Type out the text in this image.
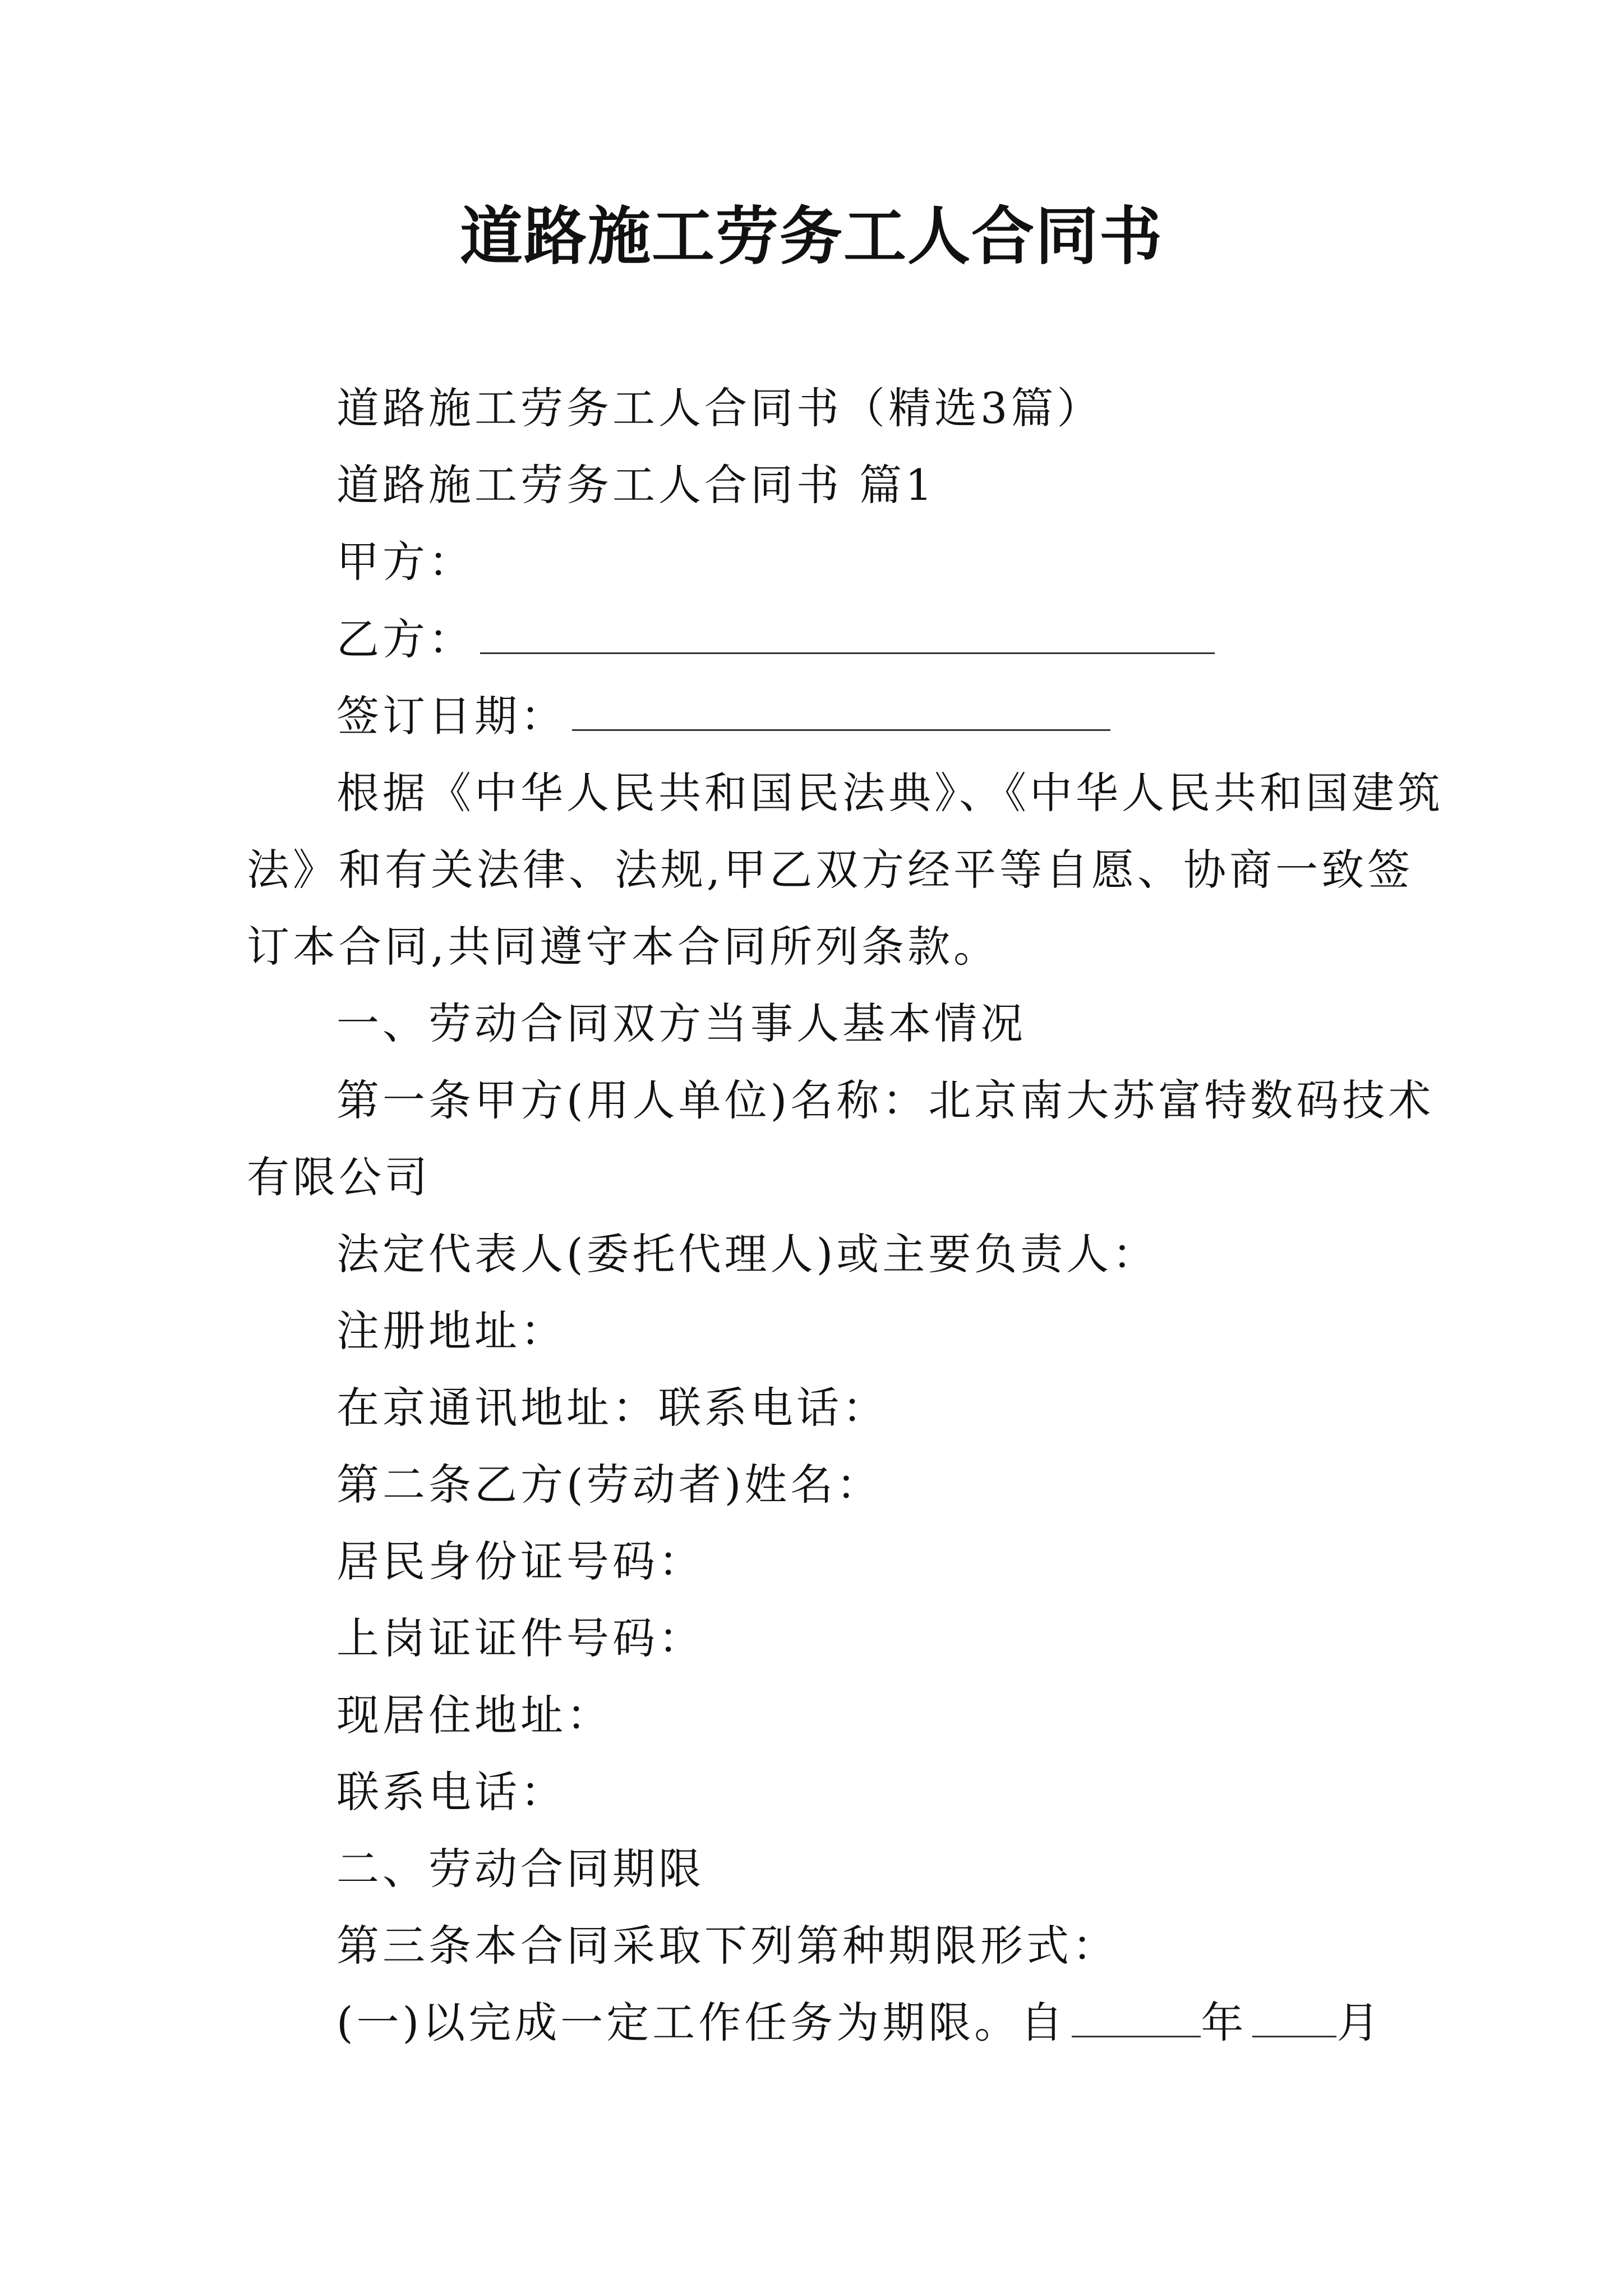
道路施工劳务工人合同书
道路施工劳务工人合同书（精选3篇）
道路施工劳务工人合同书 篇1
甲方：
乙方：
签订日期：
根据《中华人民共和国民法典》、《中华人民共和国建筑
法》和有关法律、法规,甲乙双方经平等自愿、协商一致签
订本合同,共同遵守本合同所列条款。
一、劳动合同双方当事人基本情况
第一条甲方(用人单位)名称：北京南大苏富特数码技术
有限公司
法定代表人(委托代理人)或主要负责人：
注册地址：
在京通讯地址：联系电话：
第二条乙方(劳动者)姓名：
居民身份证号码：
上岗证证件号码：
现居住地址：
联系电话：
二、劳动合同期限
第三条本合同采取下列第种期限形式：
(一)以完成一定工作任务为期限。自	年 月
